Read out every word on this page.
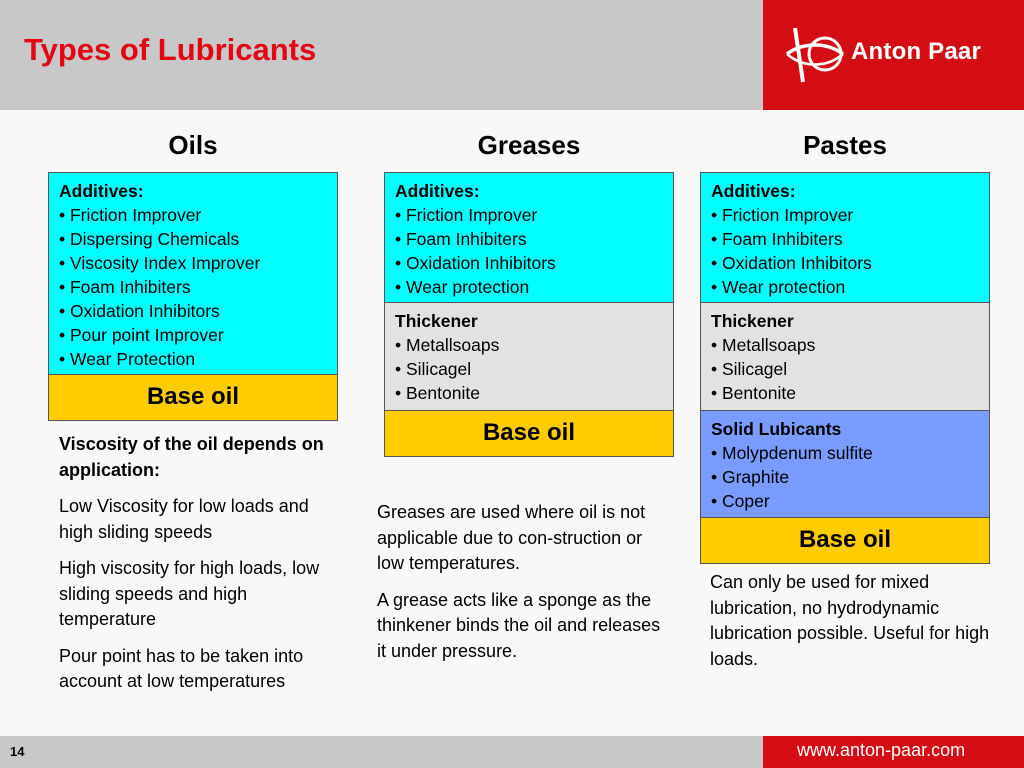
Types of Lubricants	Anton Paar
Oils	Greases	Pastes
Additives:
• Friction Improver
• Dispersing Chemicals
• Viscosity Index Improver
• Foam Inhibiters
• Oxidation Inhibitors
• Pour point Improver
• Wear Protection
Base oil

Viscosity of the oil depends on application:

Low Viscosity for low loads and high sliding speeds

High viscosity for high loads, low sliding speeds and high temperature

Pour point has to be taken into account at low temperatures

Additives:
• Friction Improver
• Foam Inhibiters
• Oxidation Inhibitors
• Wear protection
Thickener
• Metallsoaps
• Silicagel
• Bentonite
Base oil

Greases are used where oil is not applicable due to con-struction or low temperatures.

A grease acts like a sponge as the thinkener binds the oil and releases it under pressure.

Additives:
• Friction Improver
• Foam Inhibiters
• Oxidation Inhibitors
• Wear protection
Thickener
• Metallsoaps
• Silicagel
• Bentonite
Solid Lubicants
• Molypdenum sulfite
• Graphite
• Coper
Base oil

Can only be used for mixed lubrication, no hydrodynamic lubrication possible. Useful for high loads.

14	www.anton-paar.com
